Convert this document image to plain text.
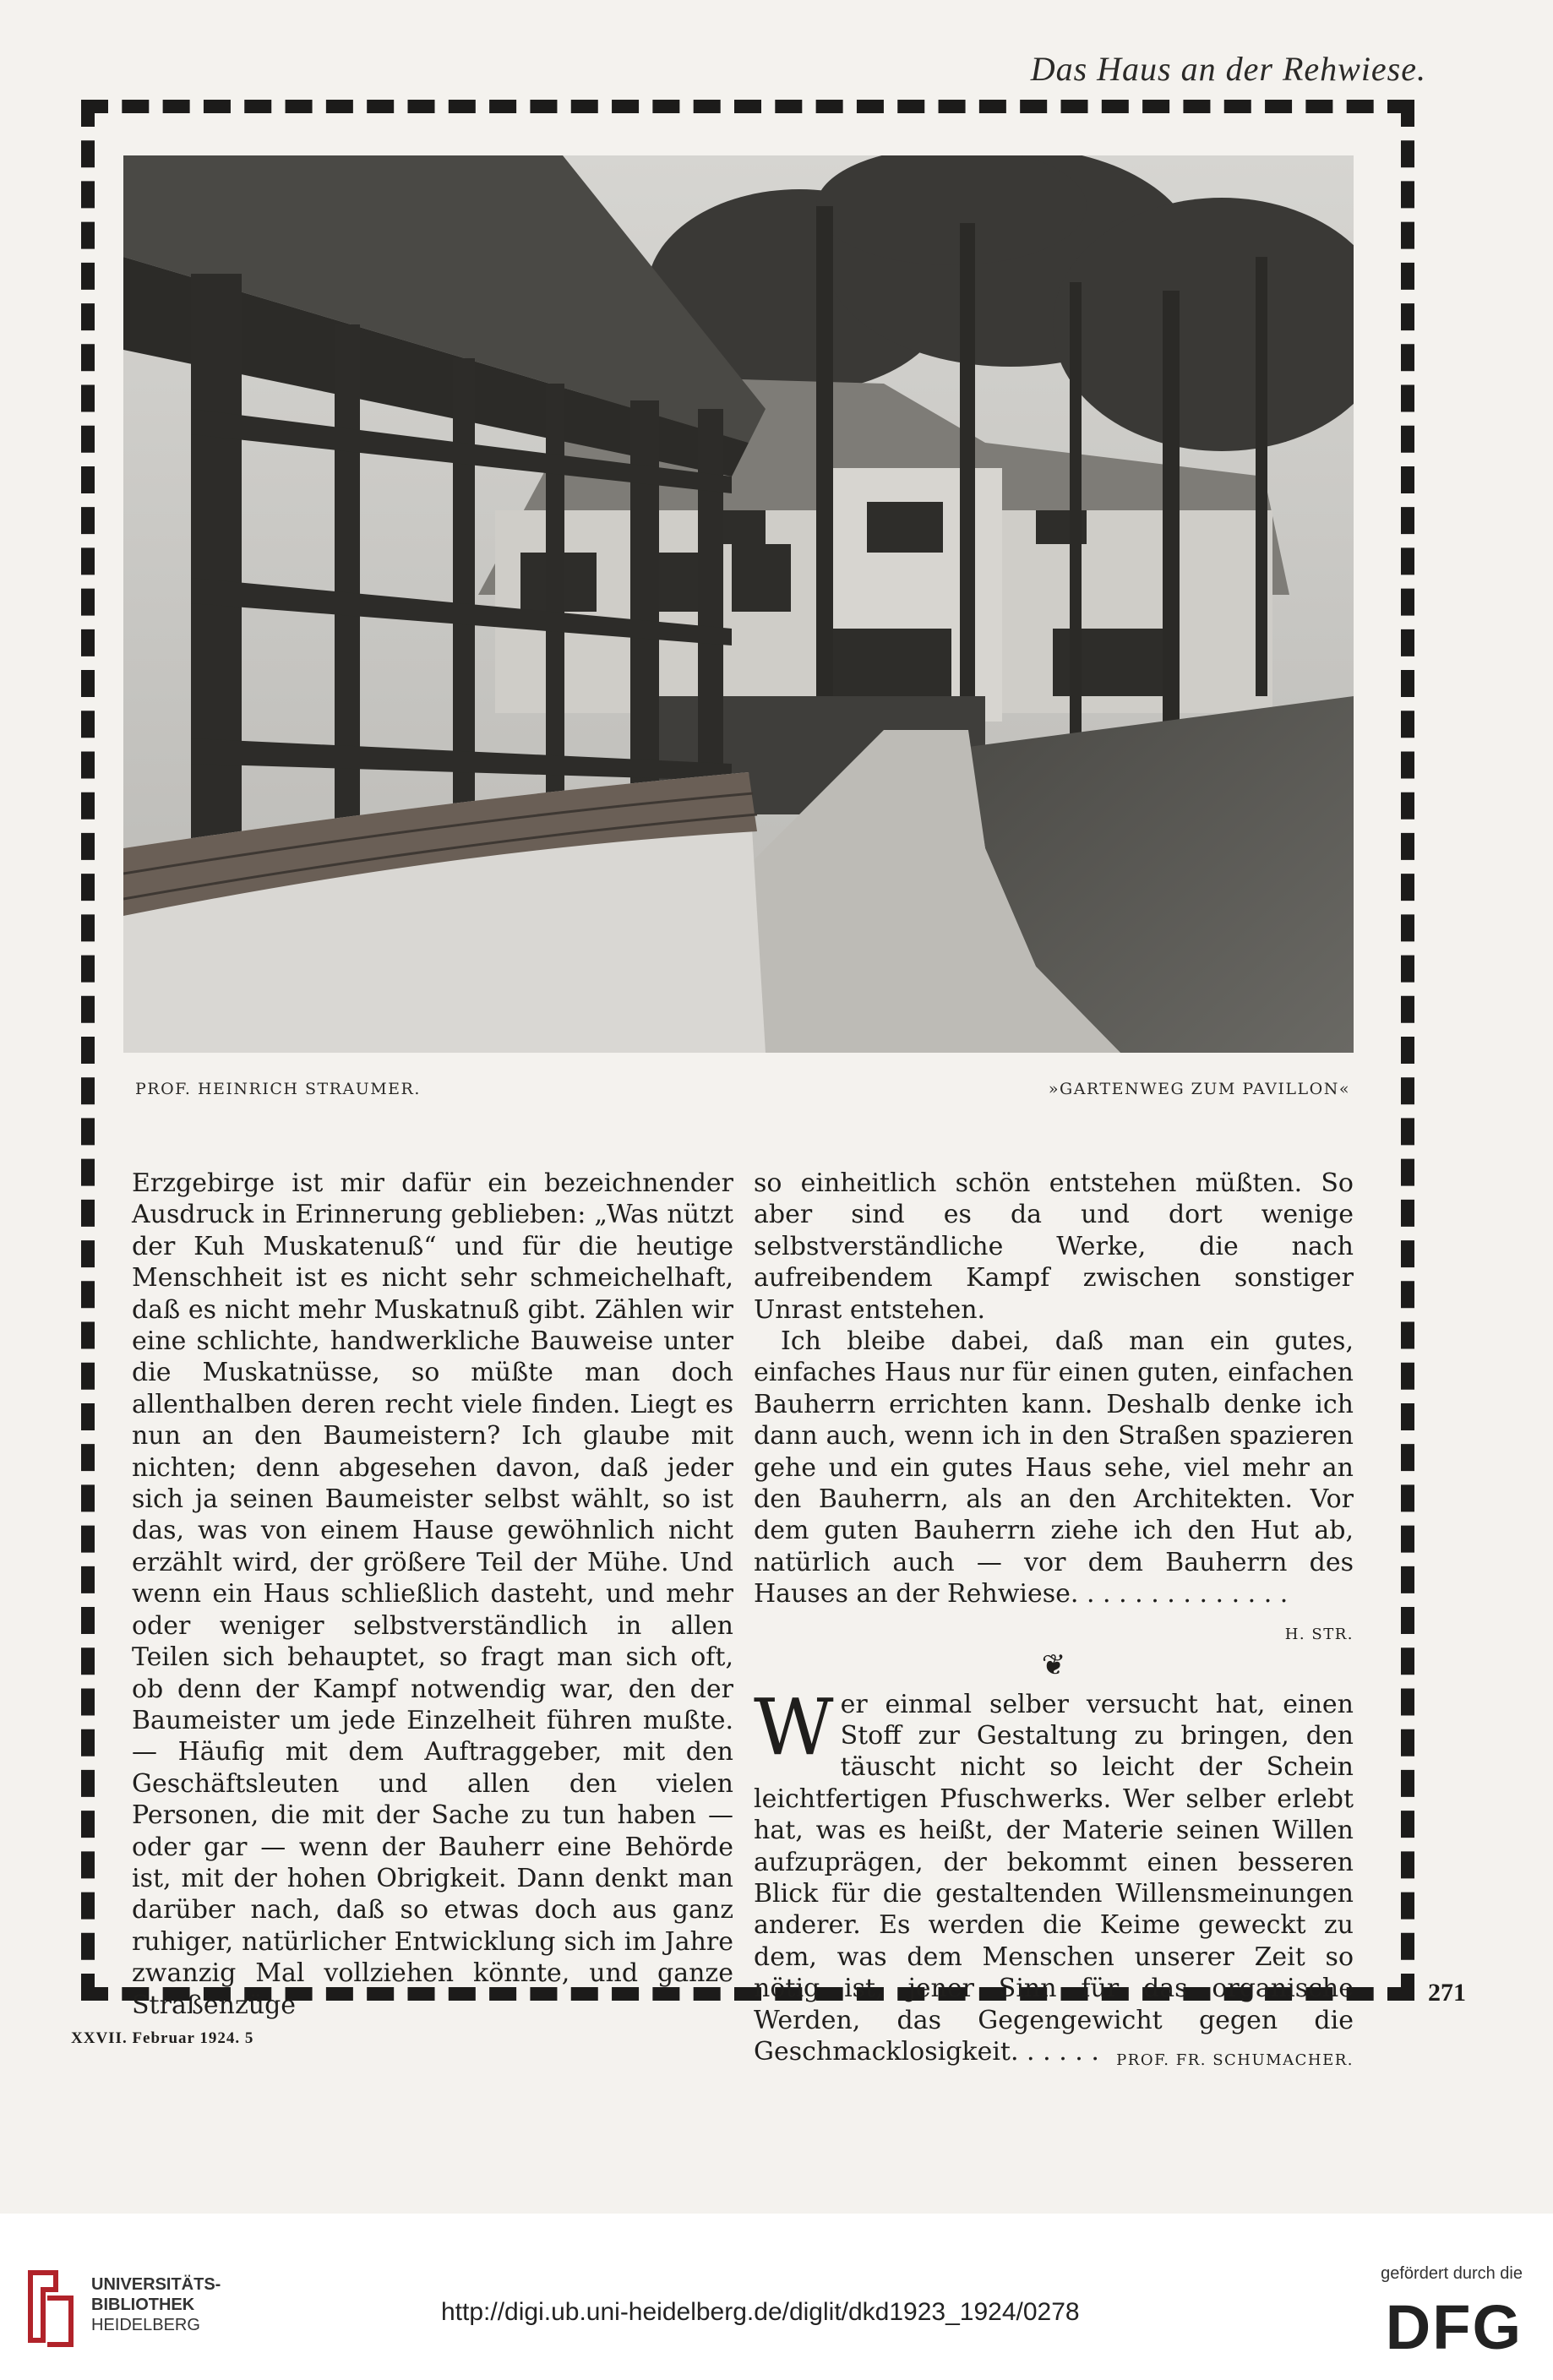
Das Haus an der Rehwiese.
PROF. HEINRICH STRAUMER.	»GARTENWEG ZUM PAVILLON«

Erzgebirge ist mir dafür ein bezeichnender Ausdruck in Erinnerung geblieben: „Was nützt der Kuh Muskatenuß“ und für die heutige Menschheit ist es nicht sehr schmeichelhaft, daß es nicht mehr Muskatnuß gibt. Zählen wir eine schlichte, handwerkliche Bauweise unter die Muskatnüsse, so müßte man doch allenthalben deren recht viele finden. Liegt es nun an den Baumeistern? Ich glaube mit nichten; denn abgesehen davon, daß jeder sich ja seinen Baumeister selbst wählt, so ist das, was von einem Hause gewöhnlich nicht erzählt wird, der größere Teil der Mühe. Und wenn ein Haus schließlich dasteht, und mehr oder weniger selbstverständlich in allen Teilen sich behauptet, so fragt man sich oft, ob denn der Kampf notwendig war, den der Baumeister um jede Einzelheit führen mußte. — Häufig mit dem Auftraggeber, mit den Geschäftsleuten und allen den vielen Personen, die mit der Sache zu tun haben — oder gar — wenn der Bauherr eine Behörde ist, mit der hohen Obrigkeit. Dann denkt man darüber nach, daß so etwas doch aus ganz ruhiger, natürlicher Entwicklung sich im Jahre zwanzig Mal vollziehen könnte, und ganze Straßenzüge

so einheitlich schön entstehen müßten. So aber sind es da und dort wenige selbstverständliche Werke, die nach aufreibendem Kampf zwischen sonstiger Unrast entstehen.

Ich bleibe dabei, daß man ein gutes, einfaches Haus nur für einen guten, einfachen Bauherrn errichten kann. Deshalb denke ich dann auch, wenn ich in den Straßen spazieren gehe und ein gutes Haus sehe, viel mehr an den Bauherrn, als an den Architekten. Vor dem guten Bauherrn ziehe ich den Hut ab, natürlich auch — vor dem Bauherrn des Hauses an der Rehwiese. . . . . . . . . . . . . .
H. STR.

❦

Wer einmal selber versucht hat, einen Stoff zur Gestaltung zu bringen, den täuscht nicht so leicht der Schein leichtfertigen Pfuschwerks. Wer selber erlebt hat, was es heißt, der Materie seinen Willen aufzuprägen, der bekommt einen besseren Blick für die gestaltenden Willensmeinungen anderer. Es werden die Keime geweckt zu dem, was dem Menschen unserer Zeit so nötig ist, jener Sinn für das organische Werden, das Gegengewicht gegen die Geschmacklosigkeit. . . . . . PROF. FR. SCHUMACHER.

271
XXVII. Februar 1924. 5
UNIVERSITÄTS-
BIBLIOTHEK
HEIDELBERG	http://digi.ub.uni-heidelberg.de/diglit/dkd1923_1924/0278
gefördert durch die
DFG
